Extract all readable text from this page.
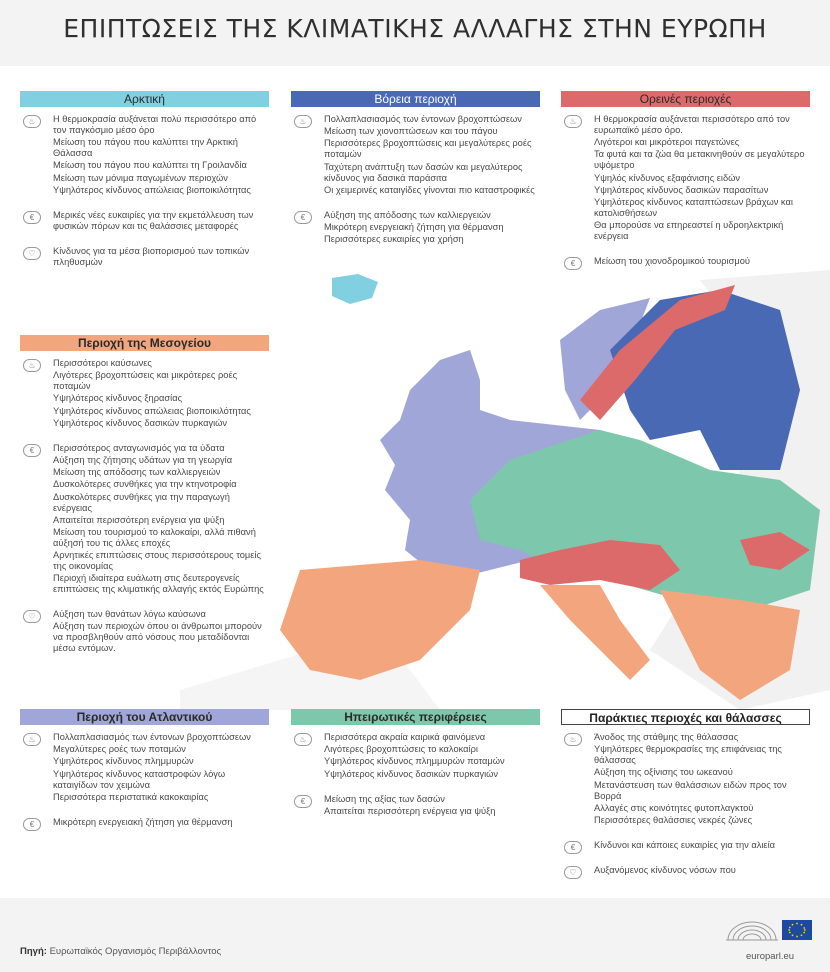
ΕΠΙΠΤΩΣΕΙΣ ΤΗΣ ΚΛΙΜΑΤΙΚΗΣ ΑΛΛΑΓΗΣ ΣΤΗΝ ΕΥΡΩΠΗ
Αρκτική
♨	Η θερμοκρασία αυξάνεται πολύ περισσότερο από τον παγκόσμιο μέσο όρο
Μείωση του πάγου που καλύπτει την Αρκτική Θάλασσα
Μείωση του πάγου που καλύπτει τη Γροιλανδία
Μείωση των μόνιμα παγωμένων περιοχών
Υψηλότερος κίνδυνος απώλειας βιοποικιλότητας
€	Μερικές νέες ευκαιρίες για την εκμετάλλευση των φυσικών πόρων και τις θαλάσσιες μεταφορές
♡	Κίνδυνος για τα μέσα βιοπορισμού των τοπικών πληθυσμών
Βόρεια περιοχή
♨	Πολλαπλασιασμός των έντονων βροχοπτώσεων
Μείωση των χιονοπτώσεων και του πάγου
Περισσότερες βροχοπτώσεις και μεγαλύτερες ροές ποταμών
Ταχύτερη ανάπτυξη των δασών και μεγαλύτερος κίνδυνος για δασικά παράσιτα
Οι χειμερινές καταιγίδες γίνονται πιο καταστροφικές
€	Αύξηση της απόδοσης των καλλιεργειών
Μικρότερη ενεργειακή ζήτηση για θέρμανση
Περισσότερες ευκαιρίες για χρήση
Ορεινές περιοχές
♨	Η θερμοκρασία αυξάνεται περισσότερο από τον ευρωπαϊκό μέσο όρο.
Λιγότεροι και μικρότεροι παγετώνες
Τα φυτά και τα ζώα θα μετακινηθούν σε μεγαλύτερο υψόμετρο
Υψηλός κίνδυνος εξαφάνισης ειδών
Υψηλότερος κίνδυνος δασικών παρασίτων
Υψηλότερος κίνδυνος καταπτώσεων βράχων και κατολισθήσεων
Θα μπορούσε να επηρεαστεί η υδροηλεκτρική ενέργεια
€	Μείωση του χιονοδρομικού τουρισμού
Περιοχή της Μεσογείου
♨	Περισσότεροι καύσωνες
Λιγότερες βροχοπτώσεις και μικρότερες ροές ποταμών
Υψηλότερος κίνδυνος ξηρασίας
Υψηλότερος κίνδυνος απώλειας βιοποικιλότητας
Υψηλότερος κίνδυνος δασικών πυρκαγιών
€	Περισσότερος ανταγωνισμός για τα ύδατα
Αύξηση της ζήτησης υδάτων για τη γεωργία
Μείωση της απόδοσης των καλλιεργειών
Δυσκολότερες συνθήκες για την κτηνοτροφία
Δυσκολότερες συνθήκες για την παραγωγή ενέργειας
Απαιτείται περισσότερη ενέργεια για ψύξη
Μείωση του τουρισμού το καλοκαίρι, αλλά πιθανή αύξησή του τις άλλες εποχές
Αρνητικές επιπτώσεις στους περισσότερους τομείς της οικονομίας
Περιοχή ιδιαίτερα ευάλωτη στις δευτερογενείς επιπτώσεις της κλιματικής αλλαγής εκτός Ευρώπης
♡	Αύξηση των θανάτων λόγω καύσωνα
Αύξηση των περιοχών όπου οι άνθρωποι μπορούν να προσβληθούν από νόσους που μεταδίδονται μέσω εντόμων.
Περιοχή του Ατλαντικού
♨	Πολλαπλασιασμός των έντονων βροχοπτώσεων
Μεγαλύτερες ροές των ποταμών
Υψηλότερος κίνδυνος πλημμυρών
Υψηλότερος κίνδυνος καταστροφών λόγω καταιγίδων τον χειμώνα
Περισσότερα περιστατικά κακοκαιρίας
€	Μικρότερη ενεργειακή ζήτηση για θέρμανση
Ηπειρωτικές περιφέρειες
♨	Περισσότερα ακραία καιρικά φαινόμενα
Λιγότερες βροχοπτώσεις το καλοκαίρι
Υψηλότερος κίνδυνος πλημμυρών ποταμών
Υψηλότερος κίνδυνος δασικών πυρκαγιών
€	Μείωση της αξίας των δασών
Απαιτείται περισσότερη ενέργεια για ψύξη
Παράκτιες περιοχές και θάλασσες
♨	Άνοδος της στάθμης της θάλασσας
Υψηλότερες θερμοκρασίες της επιφάνειας της θάλασσας
Αύξηση της οξίνισης του ωκεανού
Μετανάστευση των θαλάσσιων ειδών προς τον Βορρά
Αλλαγές στις κοινότητες φυτοπλαγκτού
Περισσότερες θαλάσσιες νεκρές ζώνες
€	Κίνδυνοι και κάποιες ευκαιρίες για την αλιεία
♡	Αυξανόμενος κίνδυνος νόσων που
Πηγή: Ευρωπαϊκός Οργανισμός Περιβάλλοντος	europarl.eu
